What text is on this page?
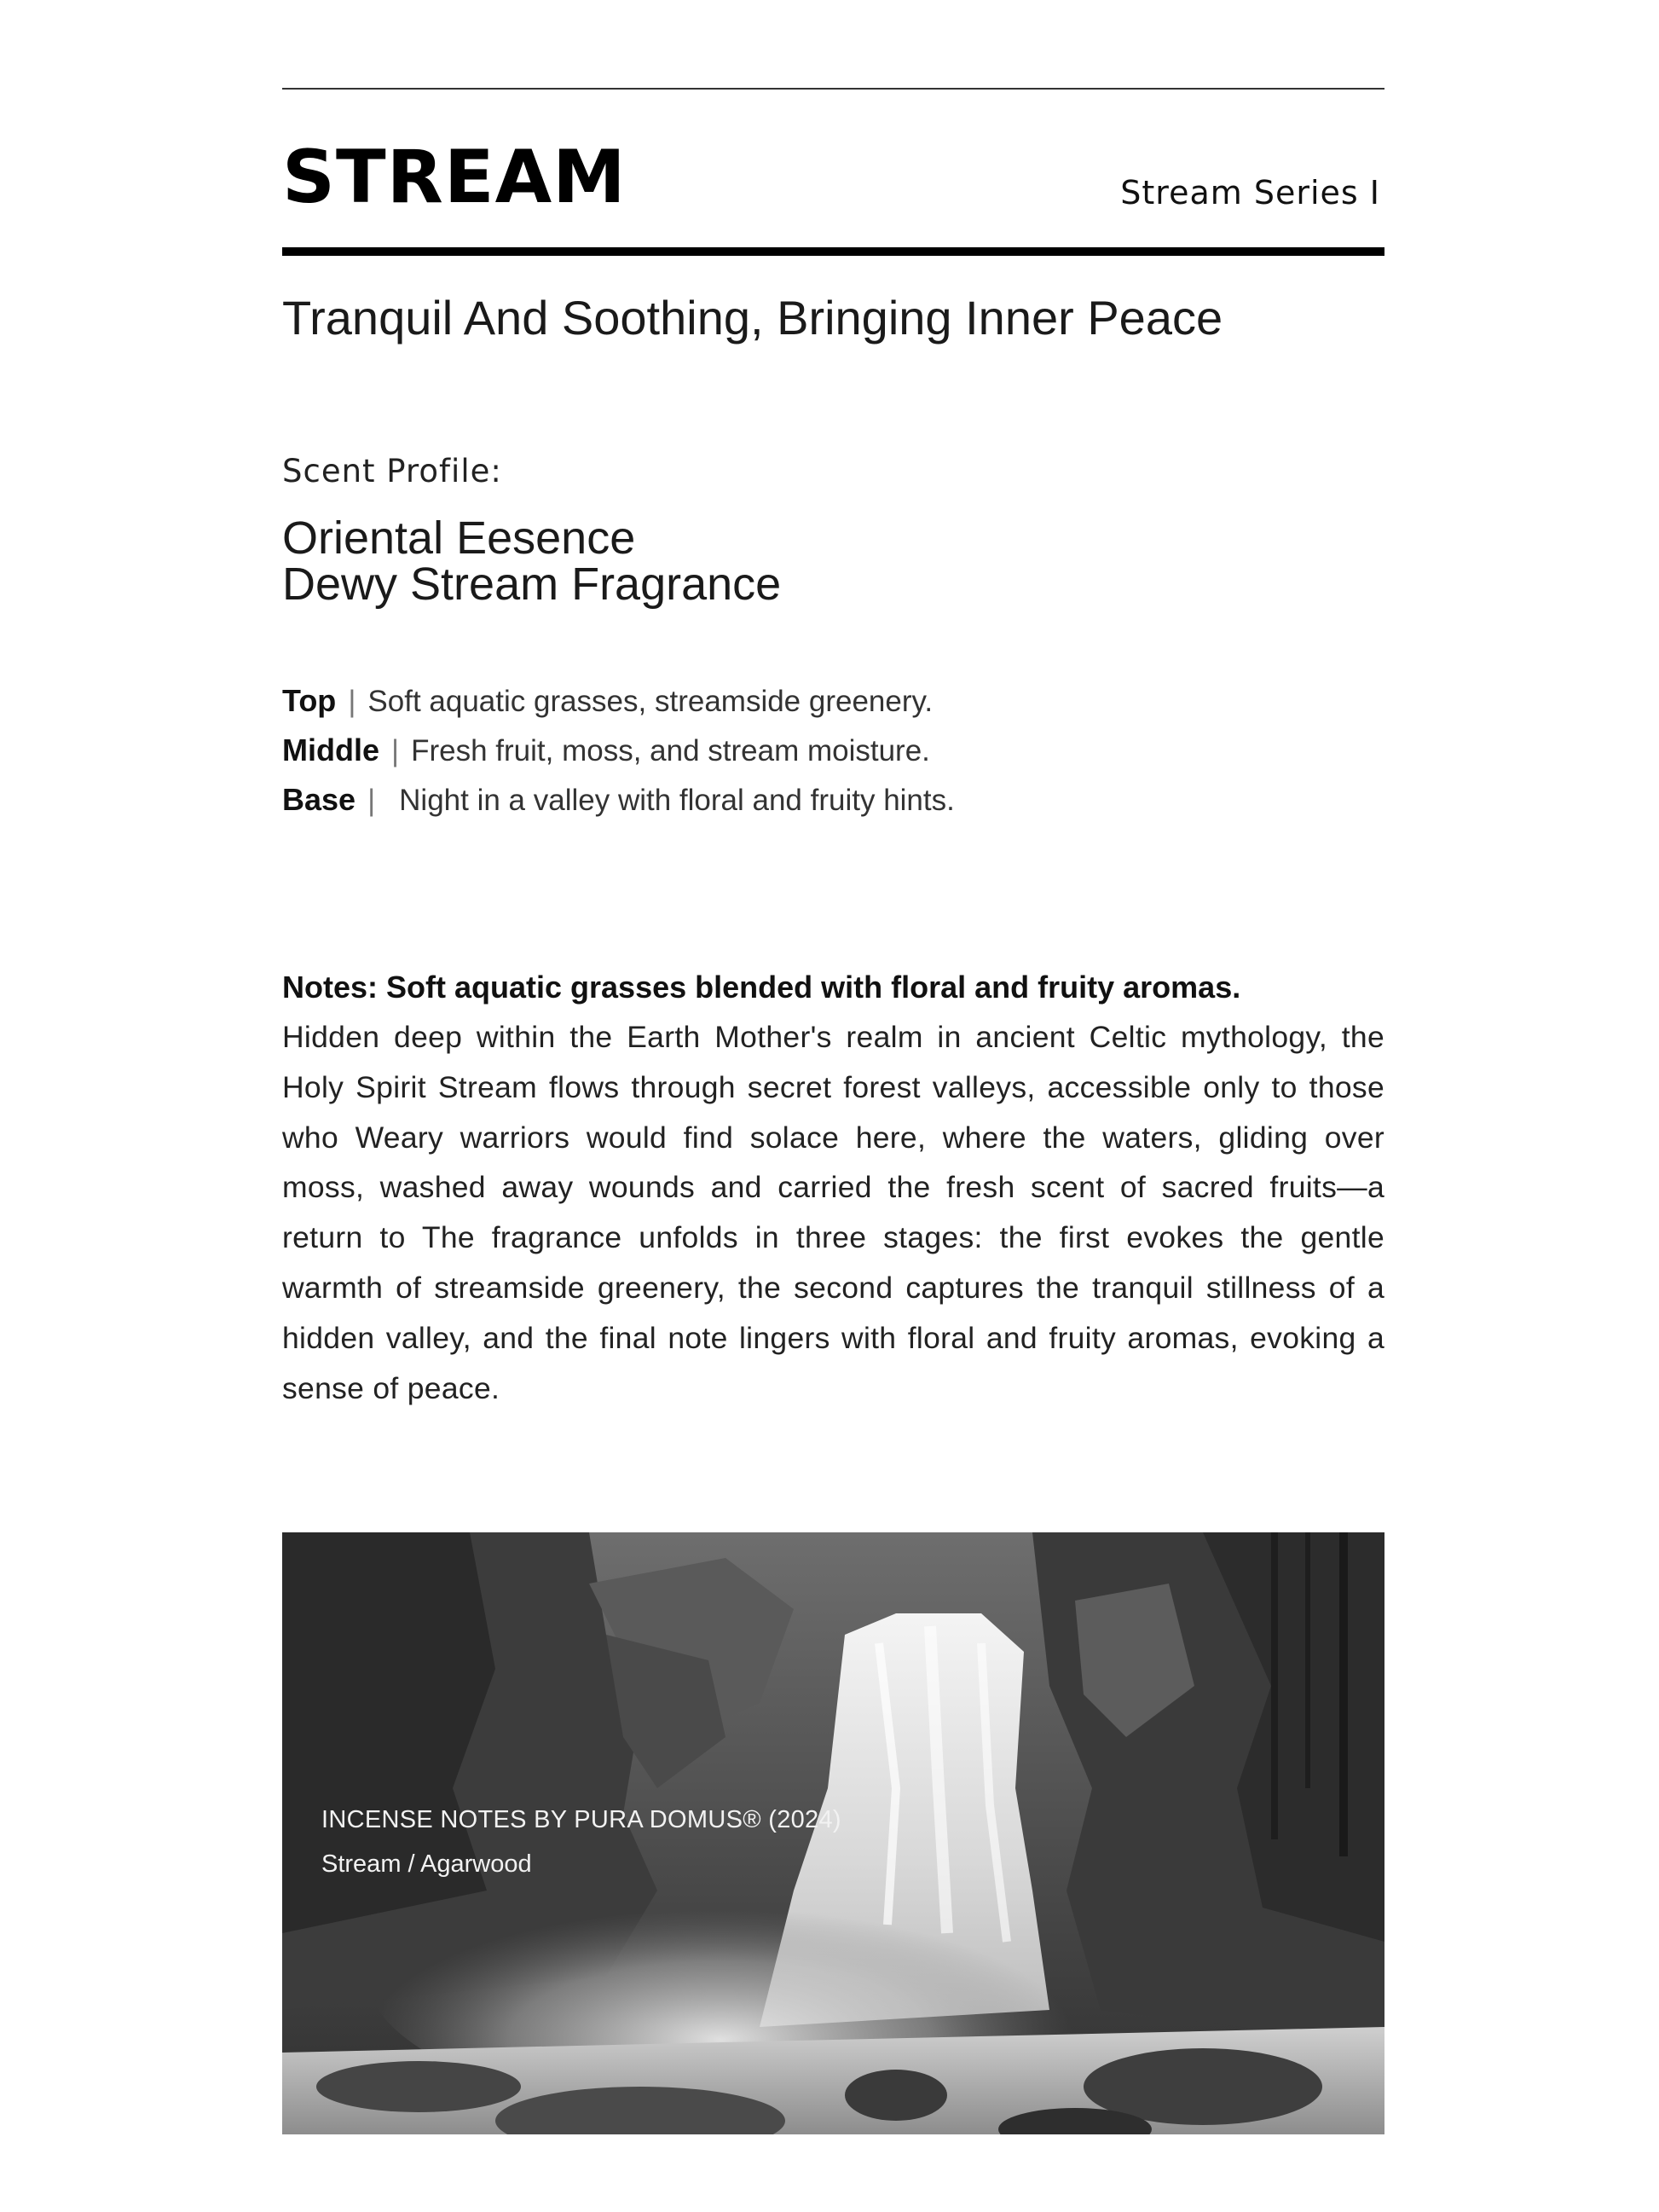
STREAM	Stream Series Ⅰ
Tranquil And Soothing, Bringing Inner Peace
Scent Profile:
Oriental Eesence
Dewy Stream Fragrance
Top | Soft aquatic grasses, streamside greenery.
Middle | Fresh fruit, moss, and stream moisture.
Base | Night in a valley with floral and fruity hints.

Notes: Soft aquatic grasses blended with floral and fruity aromas.

Hidden deep within the Earth Mother's realm in ancient Celtic mythology, the Holy Spirit Stream flows through secret forest valleys, accessible only to those who Weary warriors would find solace here, where the waters, gliding over moss, washed away wounds and carried the fresh scent of sacred fruits—a return to The fragrance unfolds in three stages: the first evokes the gentle warmth of streamside greenery, the second captures the tranquil stillness of a hidden valley, and the final note lingers with floral and fruity aromas, evoking a sense of peace.

INCENSE NOTES BY PURA DOMUS® (2024)
Stream / Agarwood
